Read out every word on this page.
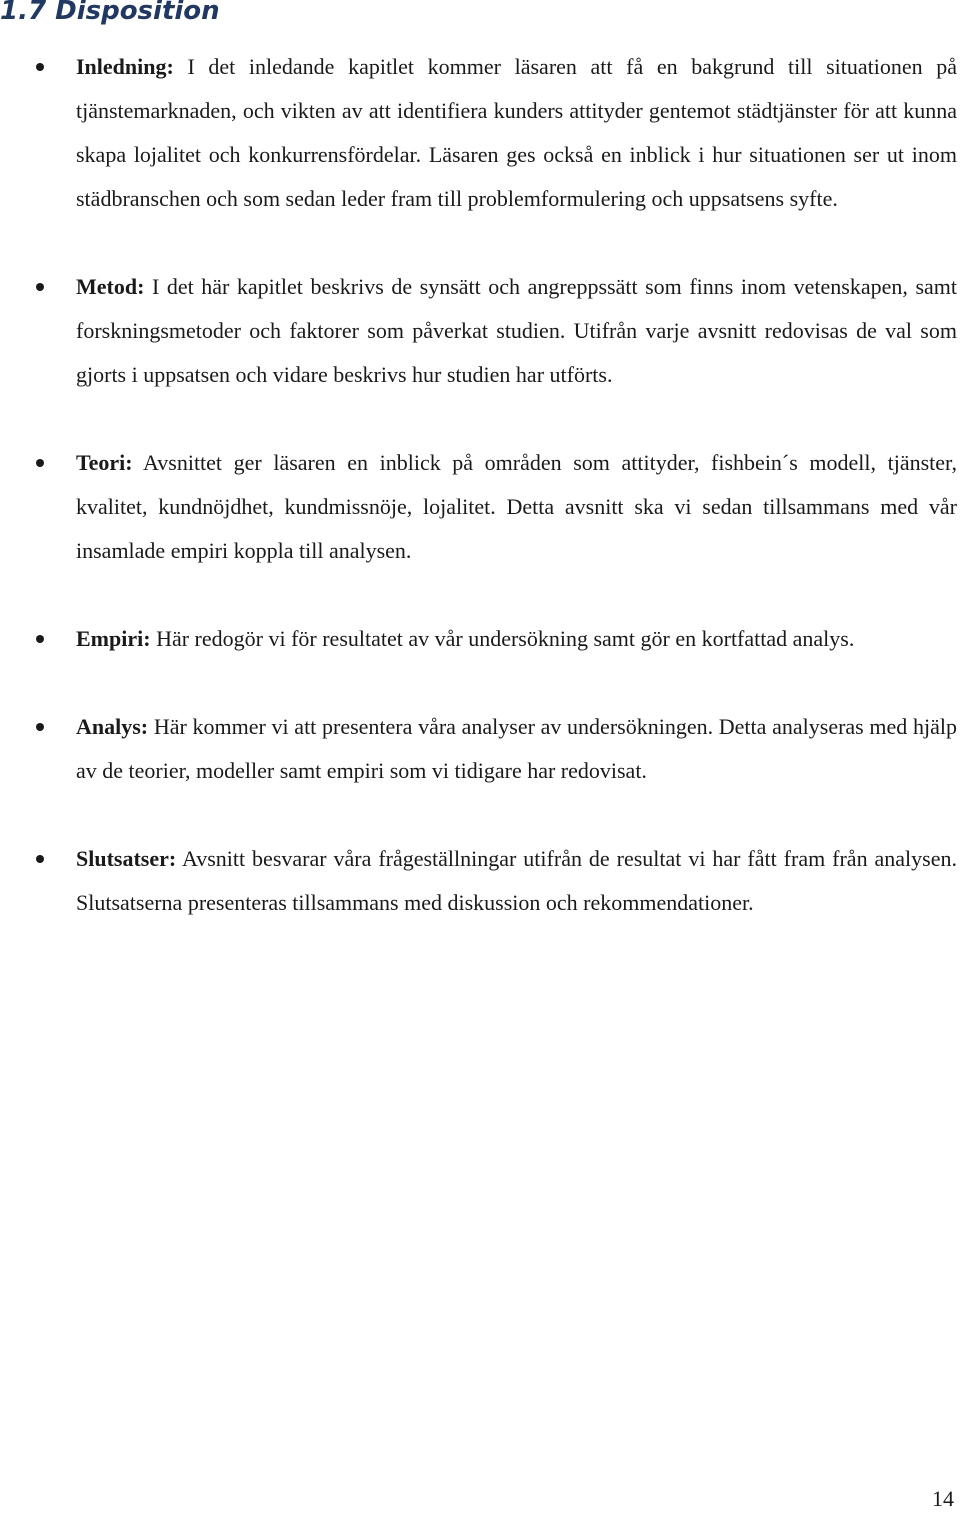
1.7 Disposition
Inledning: I det inledande kapitlet kommer läsaren att få en bakgrund till situationen på tjänstemarknaden, och vikten av att identifiera kunders attityder gentemot städtjänster för att kunna skapa lojalitet och konkurrensfördelar. Läsaren ges också en inblick i hur situationen ser ut inom städbranschen och som sedan leder fram till problemformulering och uppsatsens syfte.
Metod: I det här kapitlet beskrivs de synsätt och angreppssätt som finns inom vetenskapen, samt forskningsmetoder och faktorer som påverkat studien. Utifrån varje avsnitt redovisas de val som gjorts i uppsatsen och vidare beskrivs hur studien har utförts.
Teori: Avsnittet ger läsaren en inblick på områden som attityder, fishbein´s modell, tjänster, kvalitet, kundnöjdhet, kundmissnöje, lojalitet. Detta avsnitt ska vi sedan tillsammans med vår insamlade empiri koppla till analysen.
Empiri: Här redogör vi för resultatet av vår undersökning samt gör en kortfattad analys.
Analys: Här kommer vi att presentera våra analyser av undersökningen. Detta analyseras med hjälp av de teorier, modeller samt empiri som vi tidigare har redovisat.
Slutsatser: Avsnitt besvarar våra frågeställningar utifrån de resultat vi har fått fram från analysen. Slutsatserna presenteras tillsammans med diskussion och rekommendationer.
14
